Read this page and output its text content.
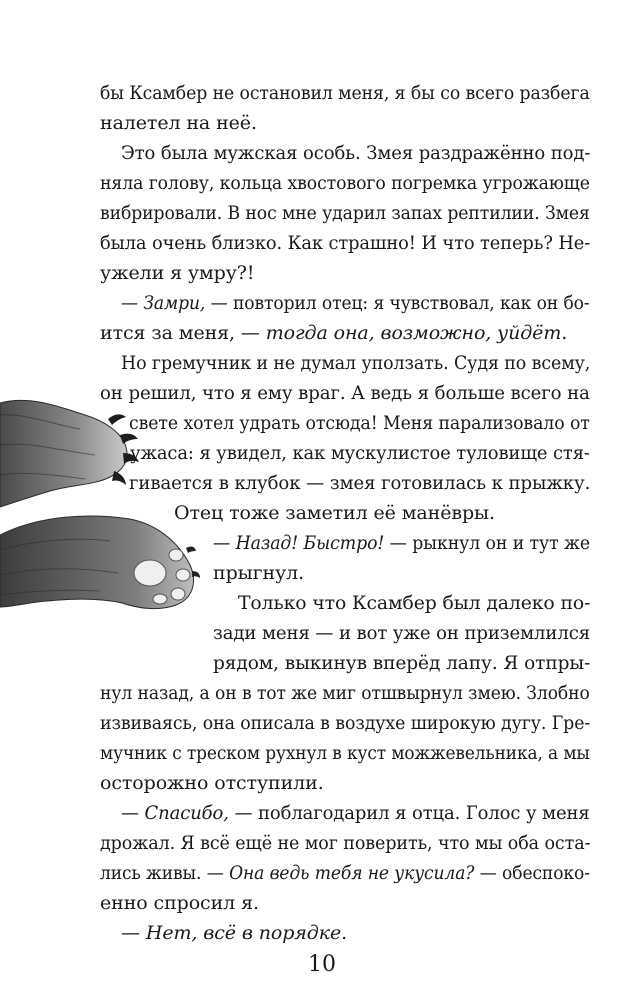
бы Ксамбер не остановил меня, я бы со всего разбега
налетел на неё.
Это была мужская особь. Змея раздражённо под-
няла голову, кольца хвостового погремка угрожающе
вибрировали. В нос мне ударил запах рептилии. Змея
была очень близко. Как страшно! И что теперь? Не-
ужели я умру?!
— Замри, — повторил отец: я чувствовал, как он бо-
ится за меня, — тогда она, возможно, уйдёт.
Но гремучник и не думал уползать. Судя по всему,
он решил, что я ему враг. А ведь я больше всего на
свете хотел удрать отсюда! Меня парализовало от
ужаса: я увидел, как мускулистое туловище стя-
гивается в клубок — змея готовилась к прыжку.
Отец тоже заметил её манёвры.
— Назад! Быстро! — рыкнул он и тут же
прыгнул.
Только что Ксамбер был далеко по-
зади меня — и вот уже он приземлился
рядом, выкинув вперёд лапу. Я отпры-
нул назад, а он в тот же миг отшвырнул змею. Злобно
извиваясь, она описала в воздухе широкую дугу. Гре-
мучник с треском рухнул в куст можжевельника, а мы
осторожно отступили.
— Спасибо, — поблагодарил я отца. Голос у меня
дрожал. Я всё ещё не мог поверить, что мы оба оста-
лись живы. — Она ведь тебя не укусила? — обеспоко-
енно спросил я.
— Нет, всё в порядке.
10
